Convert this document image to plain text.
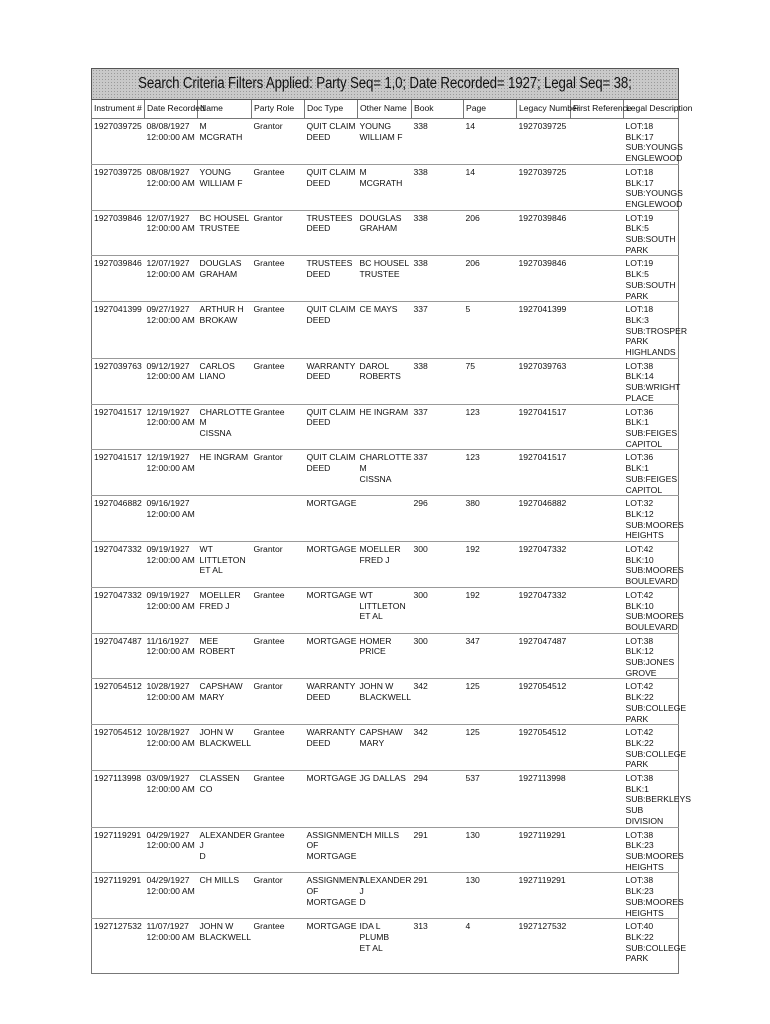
Search Criteria Filters Applied: Party Seq= 1,0; Date Recorded= 1927; Legal Seq= 38;
Instrument #	Date Recorded	Name	Party Role	Doc Type	Other Name	Book	Page	Legacy Number	First Reference	Legal Description
1927039725	08/08/1927
12:00:00 AM	M MCGRATH	Grantor	QUIT CLAIM
DEED	YOUNG
WILLIAM F	338	14	1927039725		LOT:18 BLK:17
SUB:YOUNGS
ENGLEWOOD
1927039725	08/08/1927
12:00:00 AM	YOUNG
WILLIAM F	Grantee	QUIT CLAIM
DEED	M MCGRATH	338	14	1927039725		LOT:18 BLK:17
SUB:YOUNGS
ENGLEWOOD
1927039846	12/07/1927
12:00:00 AM	BC HOUSEL
TRUSTEE	Grantor	TRUSTEES
DEED	DOUGLAS
GRAHAM	338	206	1927039846		LOT:19 BLK:5
SUB:SOUTH
PARK
1927039846	12/07/1927
12:00:00 AM	DOUGLAS
GRAHAM	Grantee	TRUSTEES
DEED	BC HOUSEL
TRUSTEE	338	206	1927039846		LOT:19 BLK:5
SUB:SOUTH
PARK
1927041399	09/27/1927
12:00:00 AM	ARTHUR H
BROKAW	Grantee	QUIT CLAIM
DEED	CE MAYS	337	5	1927041399		LOT:18 BLK:3
SUB:TROSPER
PARK
HIGHLANDS
1927039763	09/12/1927
12:00:00 AM	CARLOS LIANO	Grantee	WARRANTY
DEED	DAROL
ROBERTS	338	75	1927039763		LOT:38 BLK:14
SUB:WRIGHT
PLACE
1927041517	12/19/1927
12:00:00 AM	CHARLOTTE M
CISSNA	Grantee	QUIT CLAIM
DEED	HE INGRAM	337	123	1927041517		LOT:36 BLK:1
SUB:FEIGES
CAPITOL
1927041517	12/19/1927
12:00:00 AM	HE INGRAM	Grantor	QUIT CLAIM
DEED	CHARLOTTE M
CISSNA	337	123	1927041517		LOT:36 BLK:1
SUB:FEIGES
CAPITOL
1927046882	09/16/1927
12:00:00 AM			MORTGAGE		296	380	1927046882		LOT:32 BLK:12
SUB:MOORES
HEIGHTS
1927047332	09/19/1927
12:00:00 AM	WT LITTLETON
ET AL	Grantor	MORTGAGE	MOELLER
FRED J	300	192	1927047332		LOT:42 BLK:10
SUB:MOORES
BOULEVARD
1927047332	09/19/1927
12:00:00 AM	MOELLER
FRED J	Grantee	MORTGAGE	WT LITTLETON
ET AL	300	192	1927047332		LOT:42 BLK:10
SUB:MOORES
BOULEVARD
1927047487	11/16/1927
12:00:00 AM	MEE ROBERT	Grantee	MORTGAGE	HOMER PRICE	300	347	1927047487		LOT:38 BLK:12
SUB:JONES
GROVE
1927054512	10/28/1927
12:00:00 AM	CAPSHAW
MARY	Grantor	WARRANTY
DEED	JOHN W
BLACKWELL	342	125	1927054512		LOT:42 BLK:22
SUB:COLLEGE
PARK
1927054512	10/28/1927
12:00:00 AM	JOHN W
BLACKWELL	Grantee	WARRANTY
DEED	CAPSHAW
MARY	342	125	1927054512		LOT:42 BLK:22
SUB:COLLEGE
PARK
1927113998	03/09/1927
12:00:00 AM	CLASSEN CO	Grantee	MORTGAGE	JG DALLAS	294	537	1927113998		LOT:38 BLK:1
SUB:BERKLEYS
SUB DIVISION
1927119291	04/29/1927
12:00:00 AM	ALEXANDER J
D	Grantee	ASSIGNMENT
OF MORTGAGE	CH MILLS	291	130	1927119291		LOT:38 BLK:23
SUB:MOORES
HEIGHTS
1927119291	04/29/1927
12:00:00 AM	CH MILLS	Grantor	ASSIGNMENT
OF MORTGAGE	ALEXANDER J
D	291	130	1927119291		LOT:38 BLK:23
SUB:MOORES
HEIGHTS
1927127532	11/07/1927
12:00:00 AM	JOHN W
BLACKWELL	Grantee	MORTGAGE	IDA L PLUMB
ET AL	313	4	1927127532		LOT:40 BLK:22
SUB:COLLEGE
PARK
